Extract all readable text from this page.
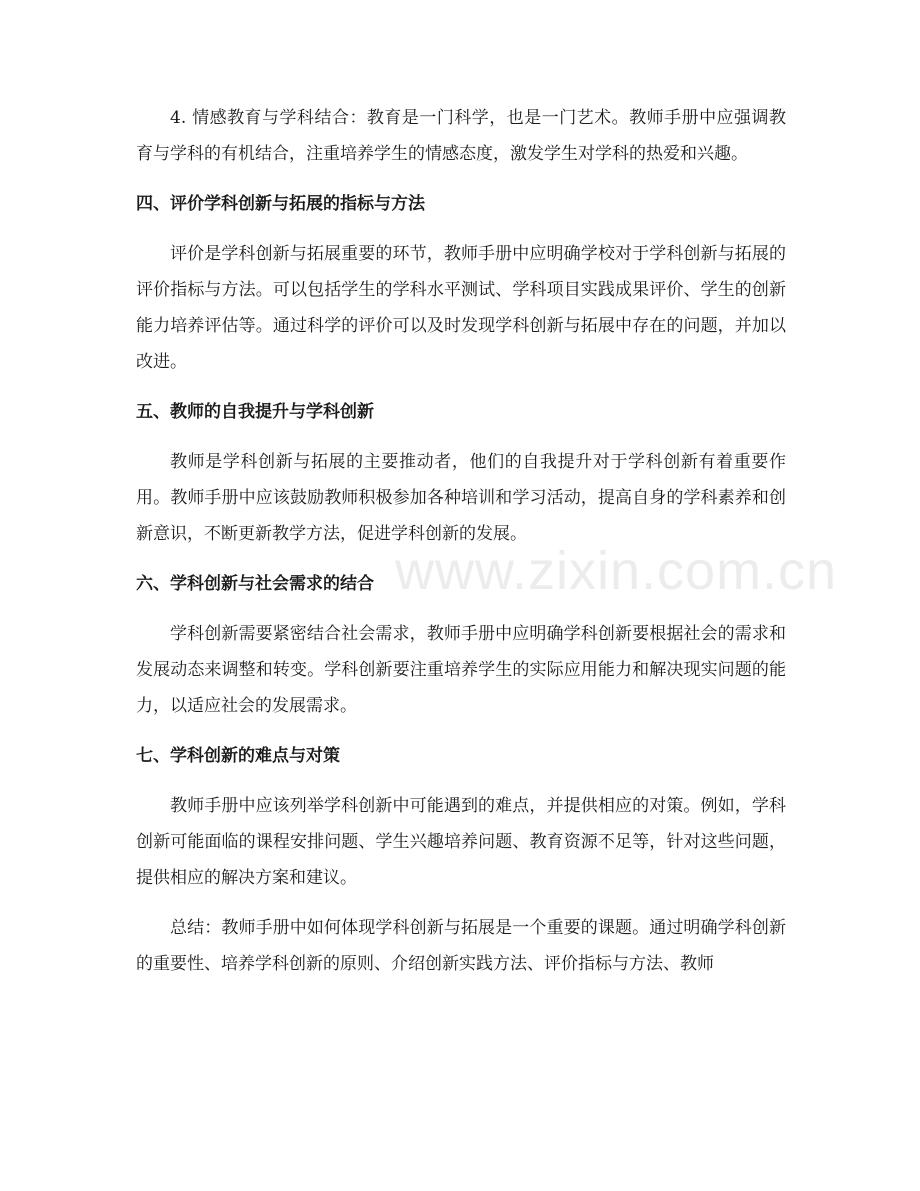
www.zixin.com.cn

4. 情感教育与学科结合：教育是一门科学，也是一门艺术。教师手册中应强调教育与学科的有机结合，注重培养学生的情感态度，激发学生对学科的热爱和兴趣。

四、评价学科创新与拓展的指标与方法

评价是学科创新与拓展重要的环节，教师手册中应明确学校对于学科创新与拓展的评价指标与方法。可以包括学生的学科水平测试、学科项目实践成果评价、学生的创新能力培养评估等。通过科学的评价可以及时发现学科创新与拓展中存在的问题，并加以改进。

五、教师的自我提升与学科创新

教师是学科创新与拓展的主要推动者，他们的自我提升对于学科创新有着重要作用。教师手册中应该鼓励教师积极参加各种培训和学习活动，提高自身的学科素养和创新意识，不断更新教学方法，促进学科创新的发展。

六、学科创新与社会需求的结合

学科创新需要紧密结合社会需求，教师手册中应明确学科创新要根据社会的需求和发展动态来调整和转变。学科创新要注重培养学生的实际应用能力和解决现实问题的能力，以适应社会的发展需求。

七、学科创新的难点与对策

教师手册中应该列举学科创新中可能遇到的难点，并提供相应的对策。例如，学科创新可能面临的课程安排问题、学生兴趣培养问题、教育资源不足等，针对这些问题，提供相应的解决方案和建议。

总结：教师手册中如何体现学科创新与拓展是一个重要的课题。通过明确学科创新的重要性、培养学科创新的原则、介绍创新实践方法、评价指标与方法、教师
